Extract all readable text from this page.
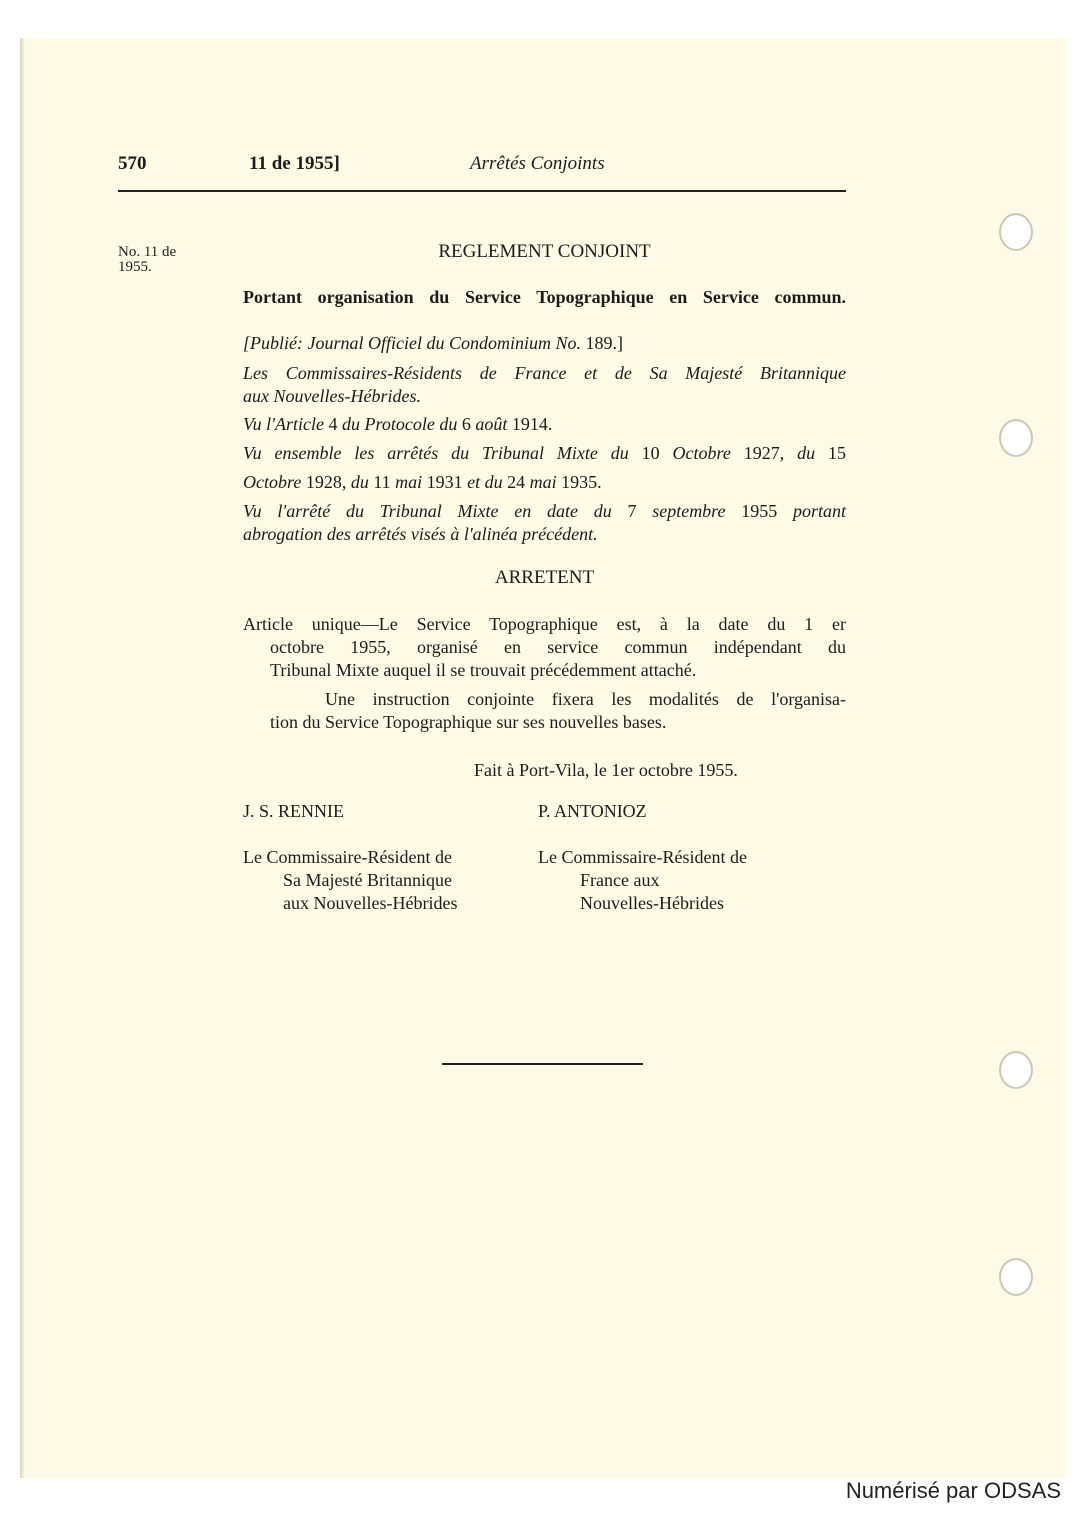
570	11 de 1955]	Arrêtés Conjoints
No. 11 de
1955.
REGLEMENT CONJOINT
Portant organisation du Service Topographique en Service commun.
[Publié: Journal Officiel du Condominium No. 189.]
Les Commissaires-Résidents de France et de Sa Majesté Britannique
aux Nouvelles-Hébrides.
Vu l'Article 4 du Protocole du 6 août 1914.
Vu ensemble les arrêtés du Tribunal Mixte du 10 Octobre 1927, du 15
Octobre 1928, du 11 mai 1931 et du 24 mai 1935.
Vu l'arrêté du Tribunal Mixte en date du 7 septembre 1955 portant
abrogation des arrêtés visés à l'alinéa précédent.
ARRETENT
Article unique—Le Service Topographique est, à la date du 1 er
octobre 1955, organisé en service commun indépendant du
Tribunal Mixte auquel il se trouvait précédemment attaché.
Une instruction conjointe fixera les modalités de l'organisa-
tion du Service Topographique sur ses nouvelles bases.
Fait à Port-Vila, le 1er octobre 1955.
J. S. RENNIE	P. ANTONIOZ
Le Commissaire-Résident de
Sa Majesté Britannique
aux Nouvelles-Hébrides
Le Commissaire-Résident de
France aux
Nouvelles-Hébrides
Numérisé par ODSAS
